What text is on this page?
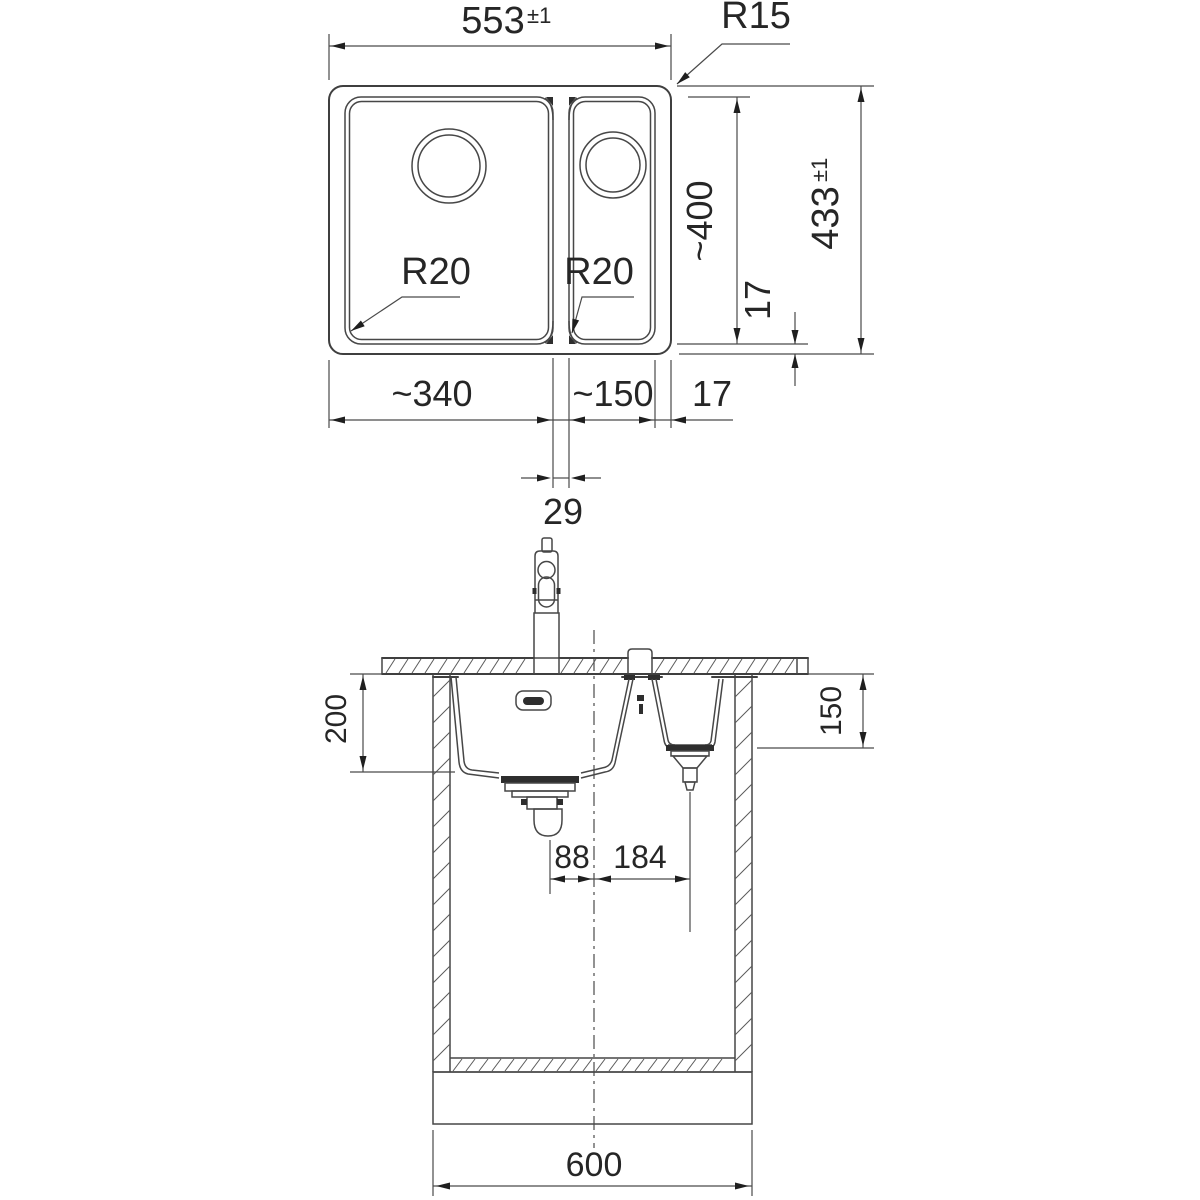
553 ±1	R15
R20 R20
433
±1
~400
17
~340	~150 17
29
200	150
88 184
600
